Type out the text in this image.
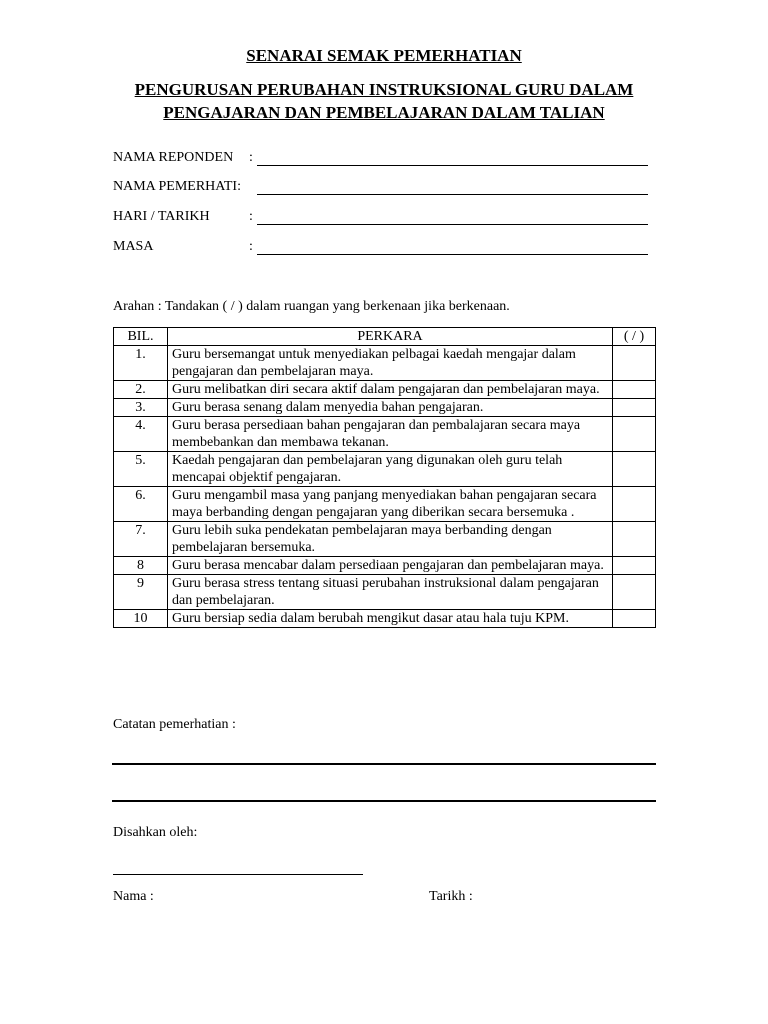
SENARAI SEMAK PEMERHATIAN
PENGURUSAN PERUBAHAN INSTRUKSIONAL GURU DALAM
PENGAJARAN DAN PEMBELAJARAN DALAM TALIAN
NAMA REPONDEN :
NAMA PEMERHATI:
HARI / TARIKH	:
MASA	:
Arahan : Tandakan ( / ) dalam ruangan yang berkenaan jika berkenaan.
BIL.	PERKARA	( / )
1.	Guru bersemangat untuk menyediakan pelbagai kaedah mengajar dalam pengajaran dan pembelajaran maya.	
2.	Guru melibatkan diri secara aktif dalam pengajaran dan pembelajaran maya.	
3.	Guru berasa senang dalam menyedia bahan pengajaran.	
4.	Guru berasa persediaan bahan pengajaran dan pembalajaran secara maya membebankan dan membawa tekanan.	
5.	Kaedah pengajaran dan pembelajaran yang digunakan oleh guru telah mencapai objektif pengajaran.	
6.	Guru mengambil masa yang panjang menyediakan bahan pengajaran secara maya berbanding dengan pengajaran yang diberikan secara bersemuka .	
7.	Guru lebih suka pendekatan pembelajaran maya berbanding dengan pembelajaran bersemuka.	
8	Guru berasa mencabar dalam persediaan pengajaran dan pembelajaran maya.	
9	Guru berasa stress tentang situasi perubahan instruksional dalam pengajaran dan pembelajaran.	
10	Guru bersiap sedia dalam berubah mengikut dasar atau hala tuju KPM.	
Catatan pemerhatian :
Disahkan oleh:
Nama :	Tarikh :
